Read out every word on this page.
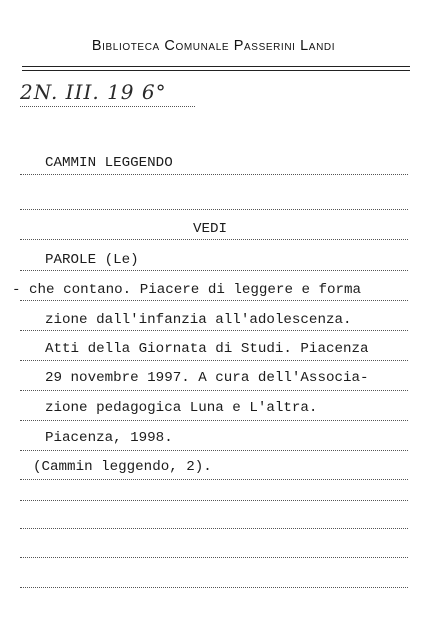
Biblioteca Comunale Passerini Landi
2N. III. 19 6°
CAMMIN LEGGENDO
VEDI
PAROLE (Le)
- che contano. Piacere di leggere e forma
zione dall'infanzia all'adolescenza.
Atti della Giornata di Studi. Piacenza
29 novembre 1997. A cura dell'Associa-
zione pedagogica Luna e L'altra.
Piacenza, 1998.
(Cammin leggendo, 2).
